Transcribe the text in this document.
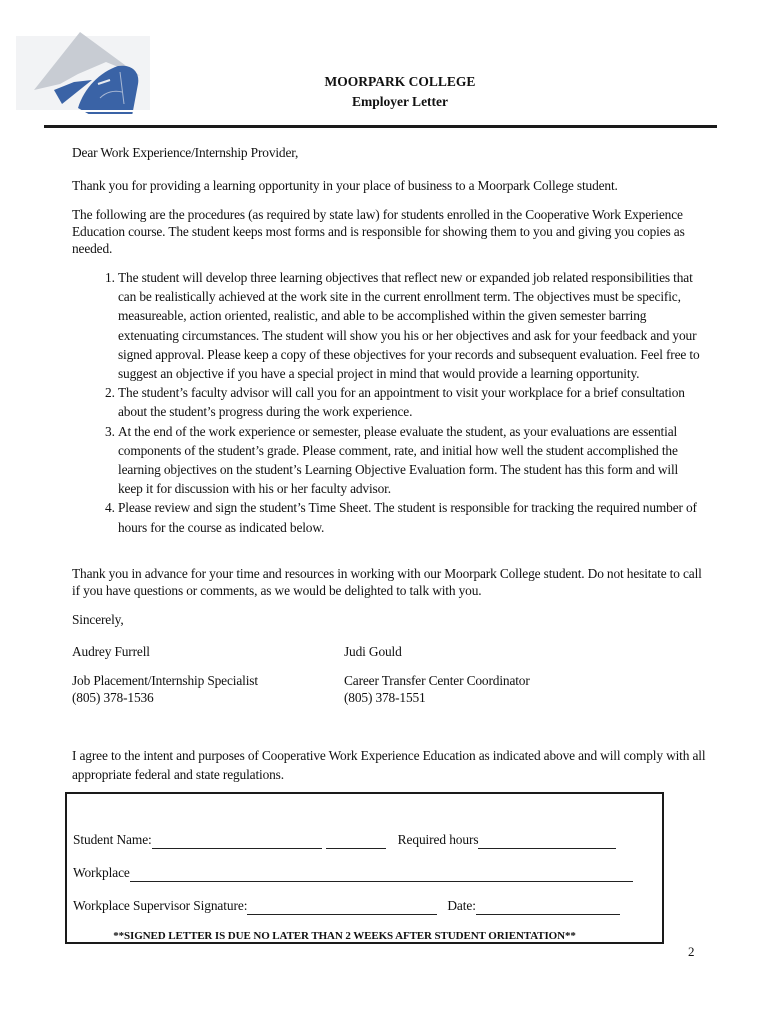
MOORPARK COLLEGE
Employer Letter
Dear Work Experience/Internship Provider,
Thank you for providing a learning opportunity in your place of business to a Moorpark College student.
The following are the procedures (as required by state law) for students enrolled in the Cooperative Work Experience Education course. The student keeps most forms and is responsible for showing them to you and giving you copies as needed.
1. The student will develop three learning objectives that reflect new or expanded job related responsibilities that can be realistically achieved at the work site in the current enrollment term. The objectives must be specific, measureable, action oriented, realistic, and able to be accomplished within the given semester barring extenuating circumstances. The student will show you his or her objectives and ask for your feedback and your signed approval. Please keep a copy of these objectives for your records and subsequent evaluation. Feel free to suggest an objective if you have a special project in mind that would provide a learning opportunity.
2. The student’s faculty advisor will call you for an appointment to visit your workplace for a brief consultation about the student’s progress during the work experience.
3. At the end of the work experience or semester, please evaluate the student, as your evaluations are essential components of the student’s grade. Please comment, rate, and initial how well the student accomplished the learning objectives on the student’s Learning Objective Evaluation form. The student has this form and will keep it for discussion with his or her faculty advisor.
4. Please review and sign the student’s Time Sheet. The student is responsible for tracking the required number of hours for the course as indicated below.
Thank you in advance for your time and resources in working with our Moorpark College student. Do not hesitate to call if you have questions or comments, as we would be delighted to talk with you.
Sincerely,
Audrey Furrell
Job Placement/Internship Specialist
(805) 378-1536
Judi Gould
Career Transfer Center Coordinator
(805) 378-1551
I agree to the intent and purposes of Cooperative Work Experience Education as indicated above and will comply with all appropriate federal and state regulations.
Student Name:	Required hours
Workplace
Workplace Supervisor Signature:	Date:
**SIGNED LETTER IS DUE NO LATER THAN 2 WEEKS AFTER STUDENT ORIENTATION**
2
